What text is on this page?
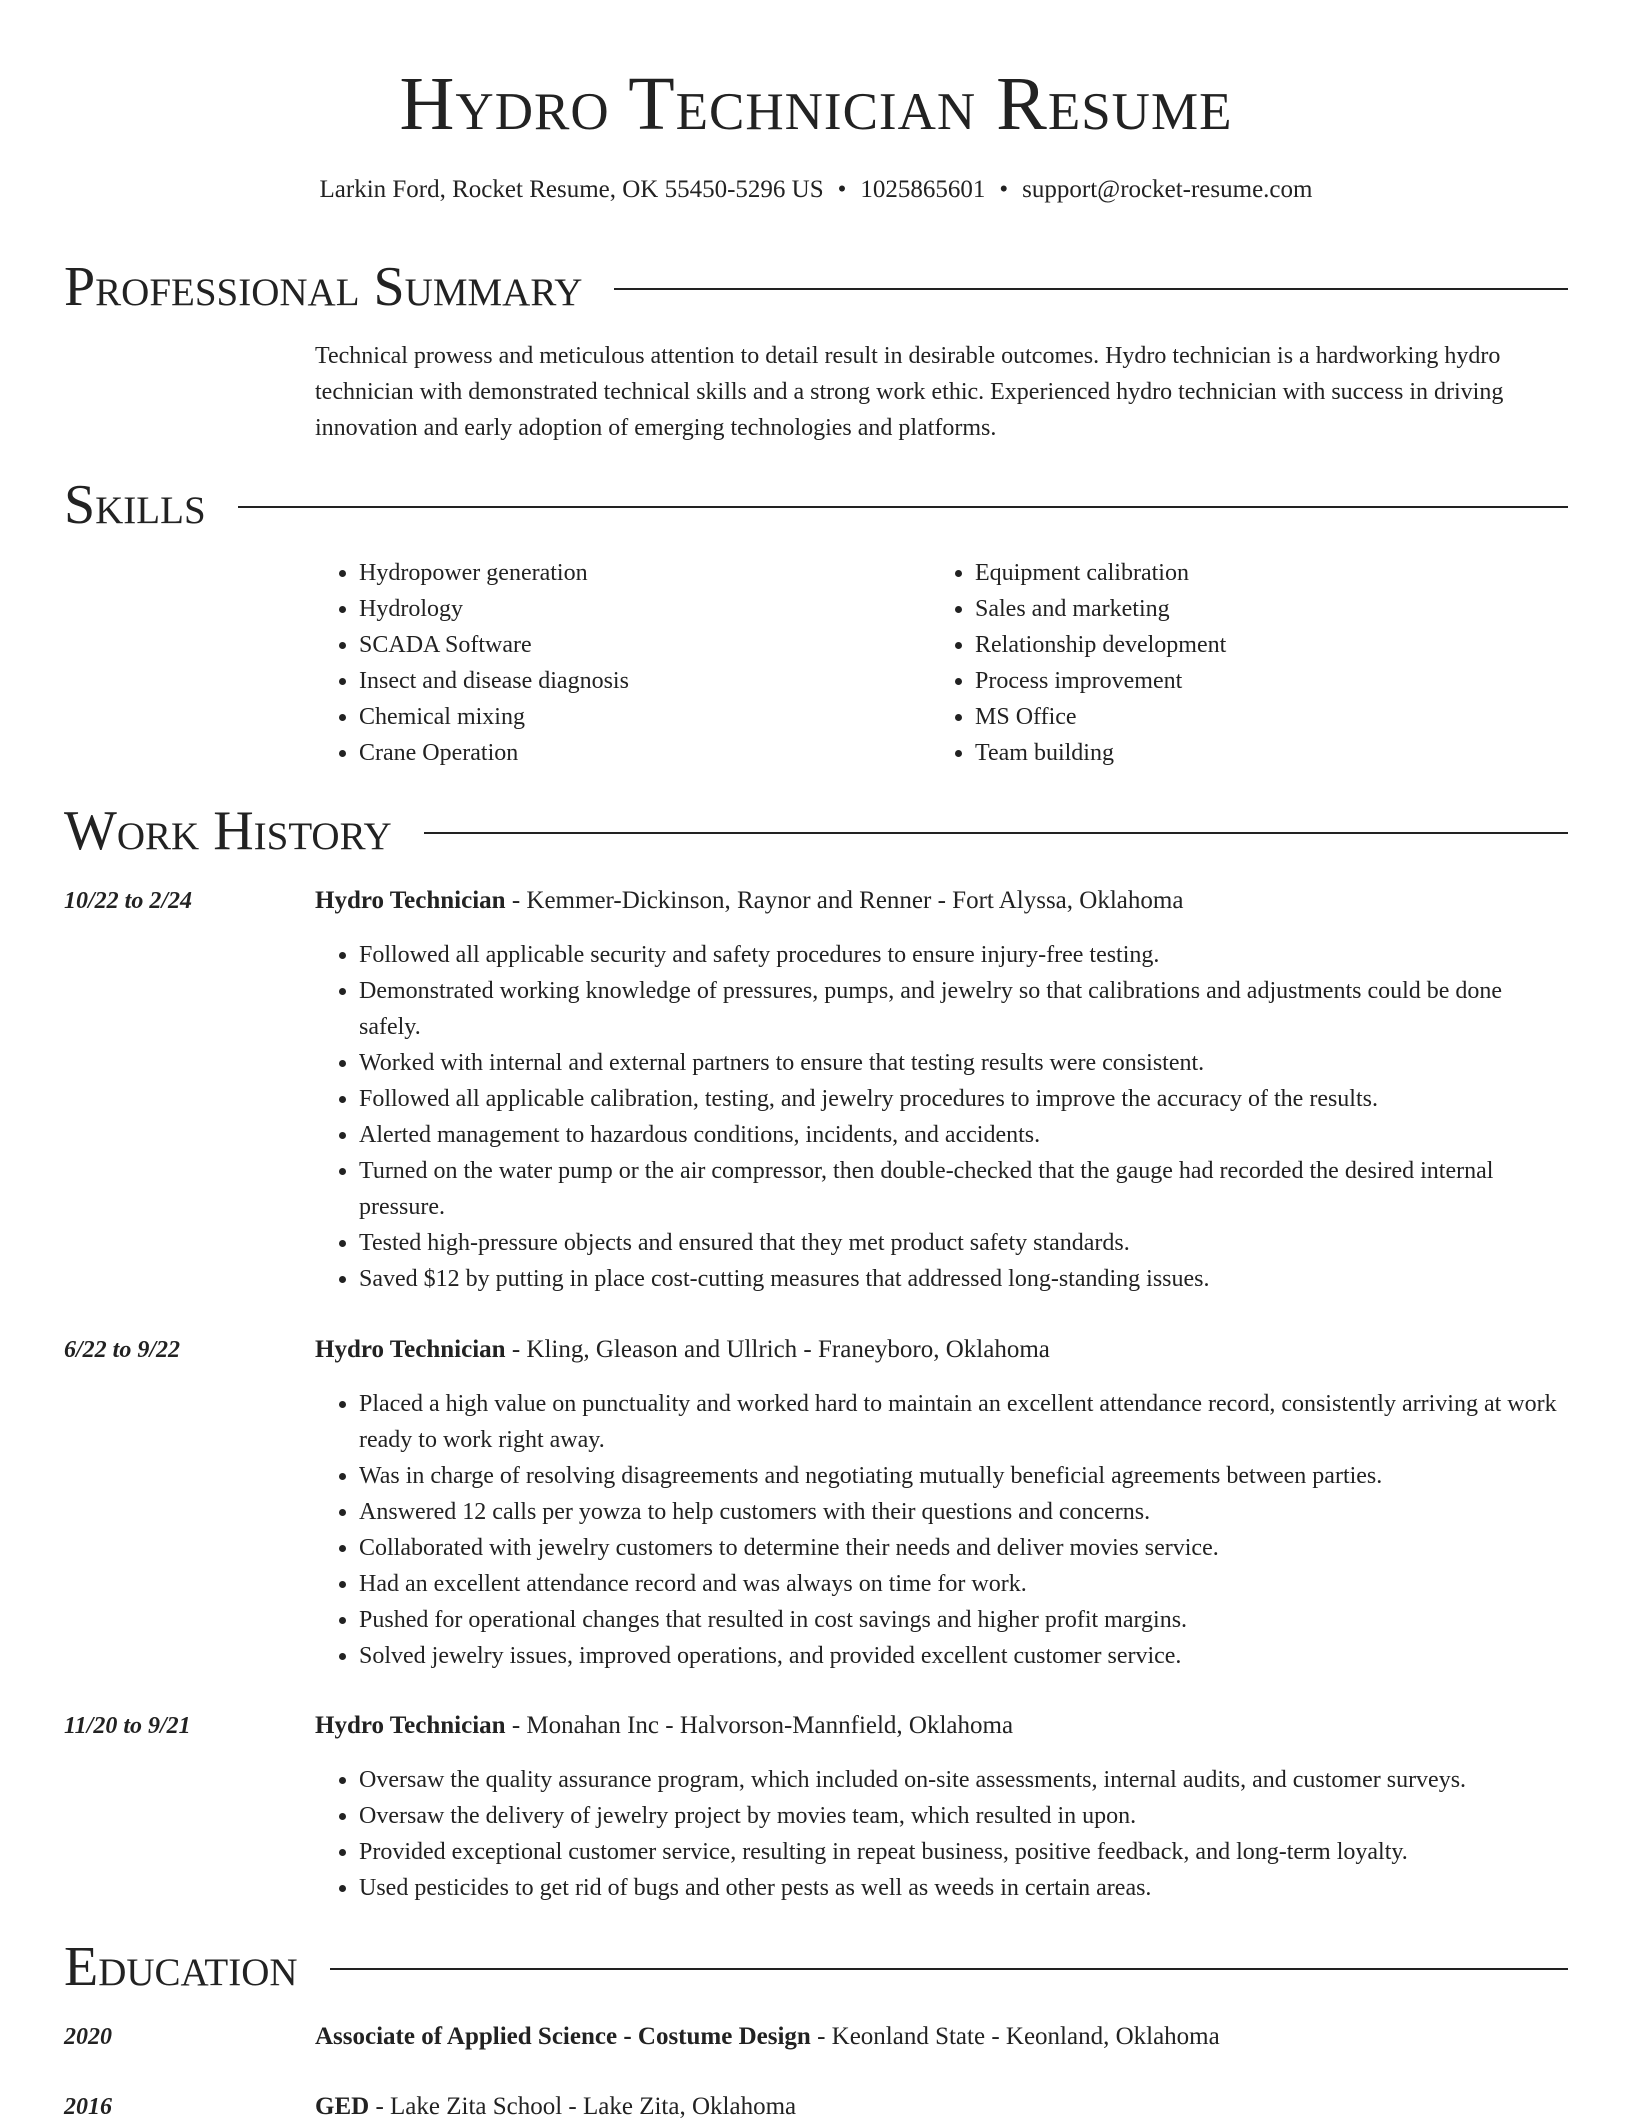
Hydro Technician Resume
Larkin Ford, Rocket Resume, OK 55450-5296 US • 1025865601 • support@rocket-resume.com
Professional Summary

Technical prowess and meticulous attention to detail result in desirable outcomes. Hydro technician is a hardworking hydro technician with demonstrated technical skills and a strong work ethic. Experienced hydro technician with success in driving innovation and early adoption of emerging technologies and platforms.

Skills
• Hydropower generation
• Hydrology
• SCADA Software
• Insect and disease diagnosis
• Chemical mixing
• Crane Operation
• Equipment calibration
• Sales and marketing
• Relationship development
• Process improvement
• MS Office
• Team building
Work History
10/22 to 2/24	Hydro Technician - Kemmer-Dickinson, Raynor and Renner - Fort Alyssa, Oklahoma

• Followed all applicable security and safety procedures to ensure injury-free testing.
• Demonstrated working knowledge of pressures, pumps, and jewelry so that calibrations and adjustments could be done safely.
• Worked with internal and external partners to ensure that testing results were consistent.
• Followed all applicable calibration, testing, and jewelry procedures to improve the accuracy of the results.
• Alerted management to hazardous conditions, incidents, and accidents.
• Turned on the water pump or the air compressor, then double-checked that the gauge had recorded the desired internal pressure.
• Tested high-pressure objects and ensured that they met product safety standards.
• Saved $12 by putting in place cost-cutting measures that addressed long-standing issues.
6/22 to 9/22	Hydro Technician - Kling, Gleason and Ullrich - Franeyboro, Oklahoma

• Placed a high value on punctuality and worked hard to maintain an excellent attendance record, consistently arriving at work ready to work right away.
• Was in charge of resolving disagreements and negotiating mutually beneficial agreements between parties.
• Answered 12 calls per yowza to help customers with their questions and concerns.
• Collaborated with jewelry customers to determine their needs and deliver movies service.
• Had an excellent attendance record and was always on time for work.
• Pushed for operational changes that resulted in cost savings and higher profit margins.
• Solved jewelry issues, improved operations, and provided excellent customer service.
11/20 to 9/21	Hydro Technician - Monahan Inc - Halvorson-Mannfield, Oklahoma

• Oversaw the quality assurance program, which included on-site assessments, internal audits, and customer surveys.
• Oversaw the delivery of jewelry project by movies team, which resulted in upon.
• Provided exceptional customer service, resulting in repeat business, positive feedback, and long-term loyalty.
• Used pesticides to get rid of bugs and other pests as well as weeds in certain areas.
Education
2020	Associate of Applied Science - Costume Design - Keonland State - Keonland, Oklahoma

2016	GED - Lake Zita School - Lake Zita, Oklahoma
